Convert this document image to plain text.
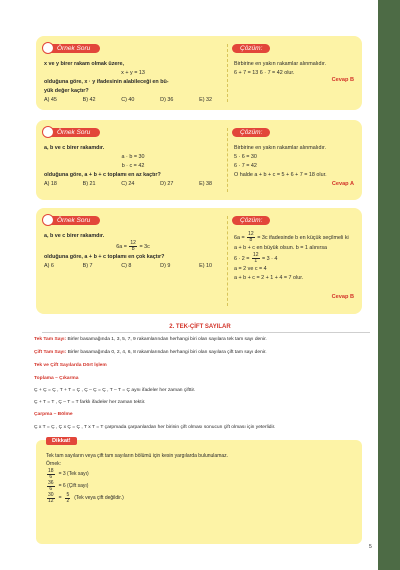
Örnek Soru	Çözüm:
x ve y birer rakam olmak üzere,
x + y = 13
olduğuna göre, x · y ifadesinin alabileceği en bü-
yük değer kaçtır?
A) 45	B) 42	C) 40	D) 36	E) 32
Birbirine en yakın rakamlar alınmalıdır.
6 + 7 = 13 6 · 7 = 42 olur.
Cevap B
Örnek Soru	Çözüm:
a, b ve c birer rakamdır.
a · b = 30
b · c = 42
olduğuna göre, a + b + c toplamı en az kaçtır?
A) 18	B) 21	C) 24	D) 27	E) 38
Birbirine en yakın rakamlar alınmalıdır.
5 · 6 = 30
6 · 7 = 42
O halde a + b + c = 5 + 6 + 7 = 18 olur.
Cevap A
Örnek Soru	Çözüm:
a, b ve c birer rakamdır.
$6a = \frac{12}{b} = 3c$
olduğuna göre, a + b + c toplamı en çok kaçtır?
A) 6	B) 7	C) 8	D) 9	E) 10
$6a = \frac{12}{b} = 3c$ ifadesinde b en küçük seçilmeli ki
a + b + c en büyük olsun. b = 1 alınırsa
$6 \cdot 2 = \frac{12}{1} = 3 \cdot 4$
a = 2 ve c = 4
a + b + c = 2 + 1 + 4 = 7 olur.
Cevap B
2. TEK-ÇİFT SAYILAR
Tek Tam Sayı: Birler basamağında 1, 3, 5, 7, 9 rakamlarından herhangi biri olan sayılara tek tam sayı denir.
Çift Tam Sayı: Birler basamağında 0, 2, 4, 6, 8 rakamlarından herhangi biri olan sayılara çift tam sayı denir.
Tek ve Çift Sayılarda Dört İşlem
Toplama – Çıkarma
Ç + Ç = Ç , T + T = Ç , Ç – Ç = Ç , T – T = Ç aynı ifadeler her zaman çifttir.
Ç + T = T , Ç – T = T farklı ifadeler her zaman tektir.
Çarpma – Bölme
Ç x T = Ç , Ç x Ç = Ç , T x T = T çarpmada çarpanlardan her birinin çift olması sonucun çift olması için yeterlidir.
Dikkat!
Tek tam sayıların veya çift tam sayıların bölümü için kesin yargılarda bulunulamaz.
Örnek:
$\frac{18}{6} = 3$ (Tek sayı)
$\frac{36}{6} = 6$ (Çift sayı)
$\frac{30}{12} = \frac{5}{2} (Tek$ veya çift değildir.)
5
